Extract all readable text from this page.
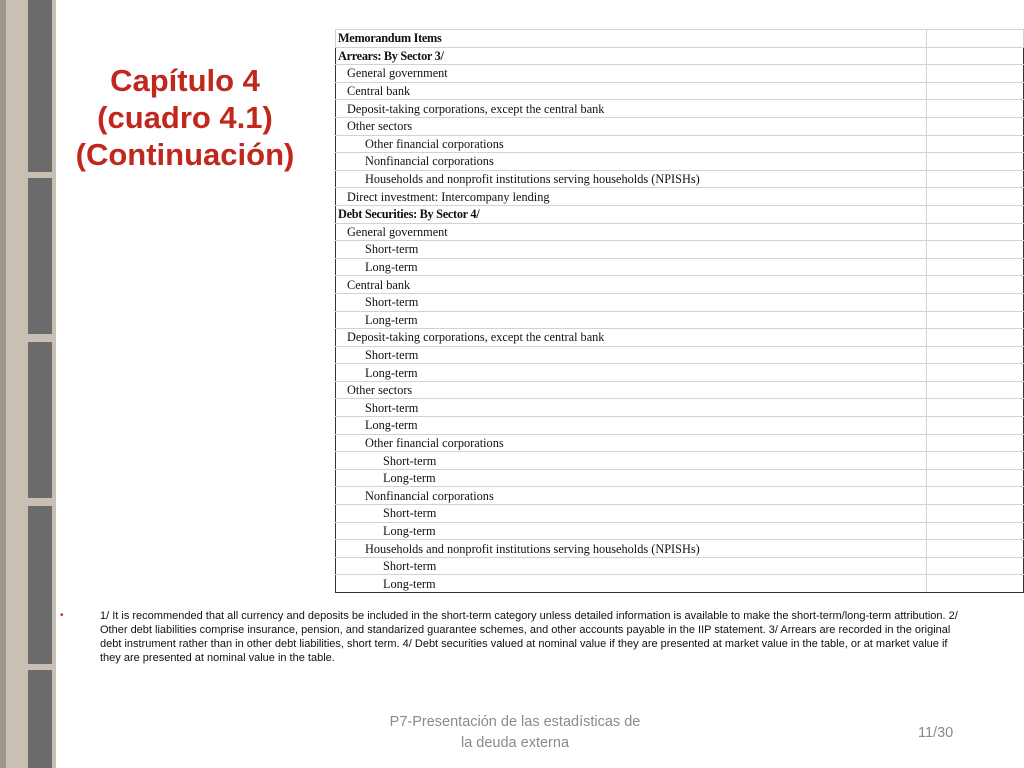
Capítulo 4
(cuadro 4.1)
(Continuación)
Memorandum Items	
Arrears: By Sector 3/	
General government	
Central bank	
Deposit-taking corporations, except the central bank	
Other sectors	
Other financial corporations	
Nonfinancial corporations	
Households and nonprofit institutions serving households (NPISHs)	
Direct investment: Intercompany lending	
Debt Securities: By Sector 4/	
General government	
Short-term	
Long-term	
Central bank	
Short-term	
Long-term	
Deposit-taking corporations, except the central bank	
Short-term	
Long-term	
Other sectors	
Short-term	
Long-term	
Other financial corporations	
Short-term	
Long-term	
Nonfinancial corporations	
Short-term	
Long-term	
Households and nonprofit institutions serving households (NPISHs)	
Short-term	
Long-term	
•	1/ It is recommended that all currency and deposits be included in the short-term category unless detailed information is available to make the short-term/long-term attribution. 2/ Other debt liabilities comprise insurance, pension, and standarized guarantee schemes, and other accounts payable in the IIP statement. 3/ Arrears are recorded in the original debt instrument rather than in other debt liabilities, short term. 4/ Debt securities valued at nominal value if they are presented at market value in the table, or at market value if they are presented at nominal value in the table.
P7-Presentación de las estadísticas de
la deuda externa
11/30
